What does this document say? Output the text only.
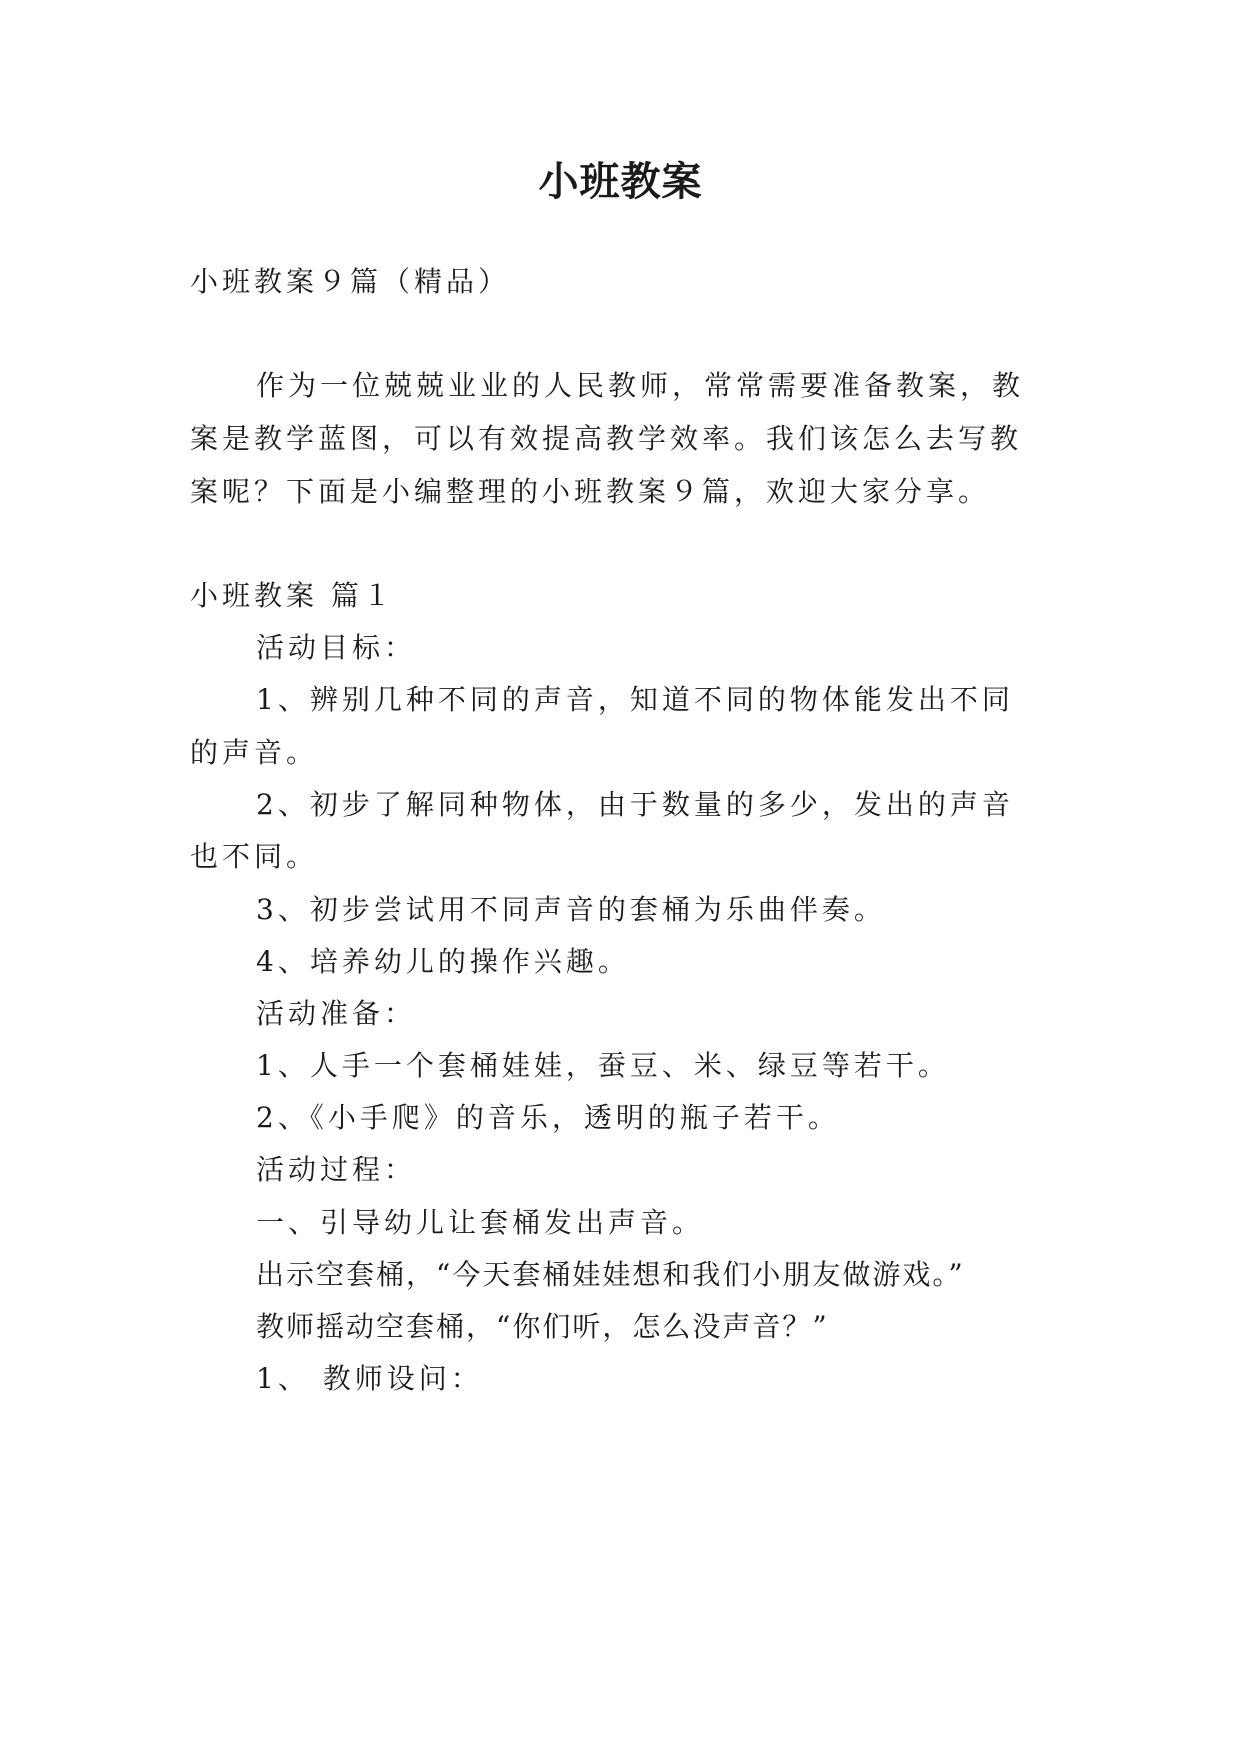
小班教案

小班教案９篇（精品）

作为一位兢兢业业的人民教师，常常需要准备教案，教

案是教学蓝图，可以有效提高教学效率。我们该怎么去写教

案呢？下面是小编整理的小班教案９篇，欢迎大家分享。

小班教案 篇１

活动目标：

1、辨别几种不同的声音，知道不同的物体能发出不同

的声音。

2、初步了解同种物体，由于数量的多少，发出的声音

也不同。

3、初步尝试用不同声音的套桶为乐曲伴奏。

4、培养幼儿的操作兴趣。

活动准备：

1、人手一个套桶娃娃，蚕豆、米、绿豆等若干。

2、《小手爬》的音乐，透明的瓶子若干。

活动过程：

一、引导幼儿让套桶发出声音。

出示空套桶，“今天套桶娃娃想和我们小朋友做游戏。”

教师摇动空套桶，“你们听，怎么没声音？”

1、 教师设问：
